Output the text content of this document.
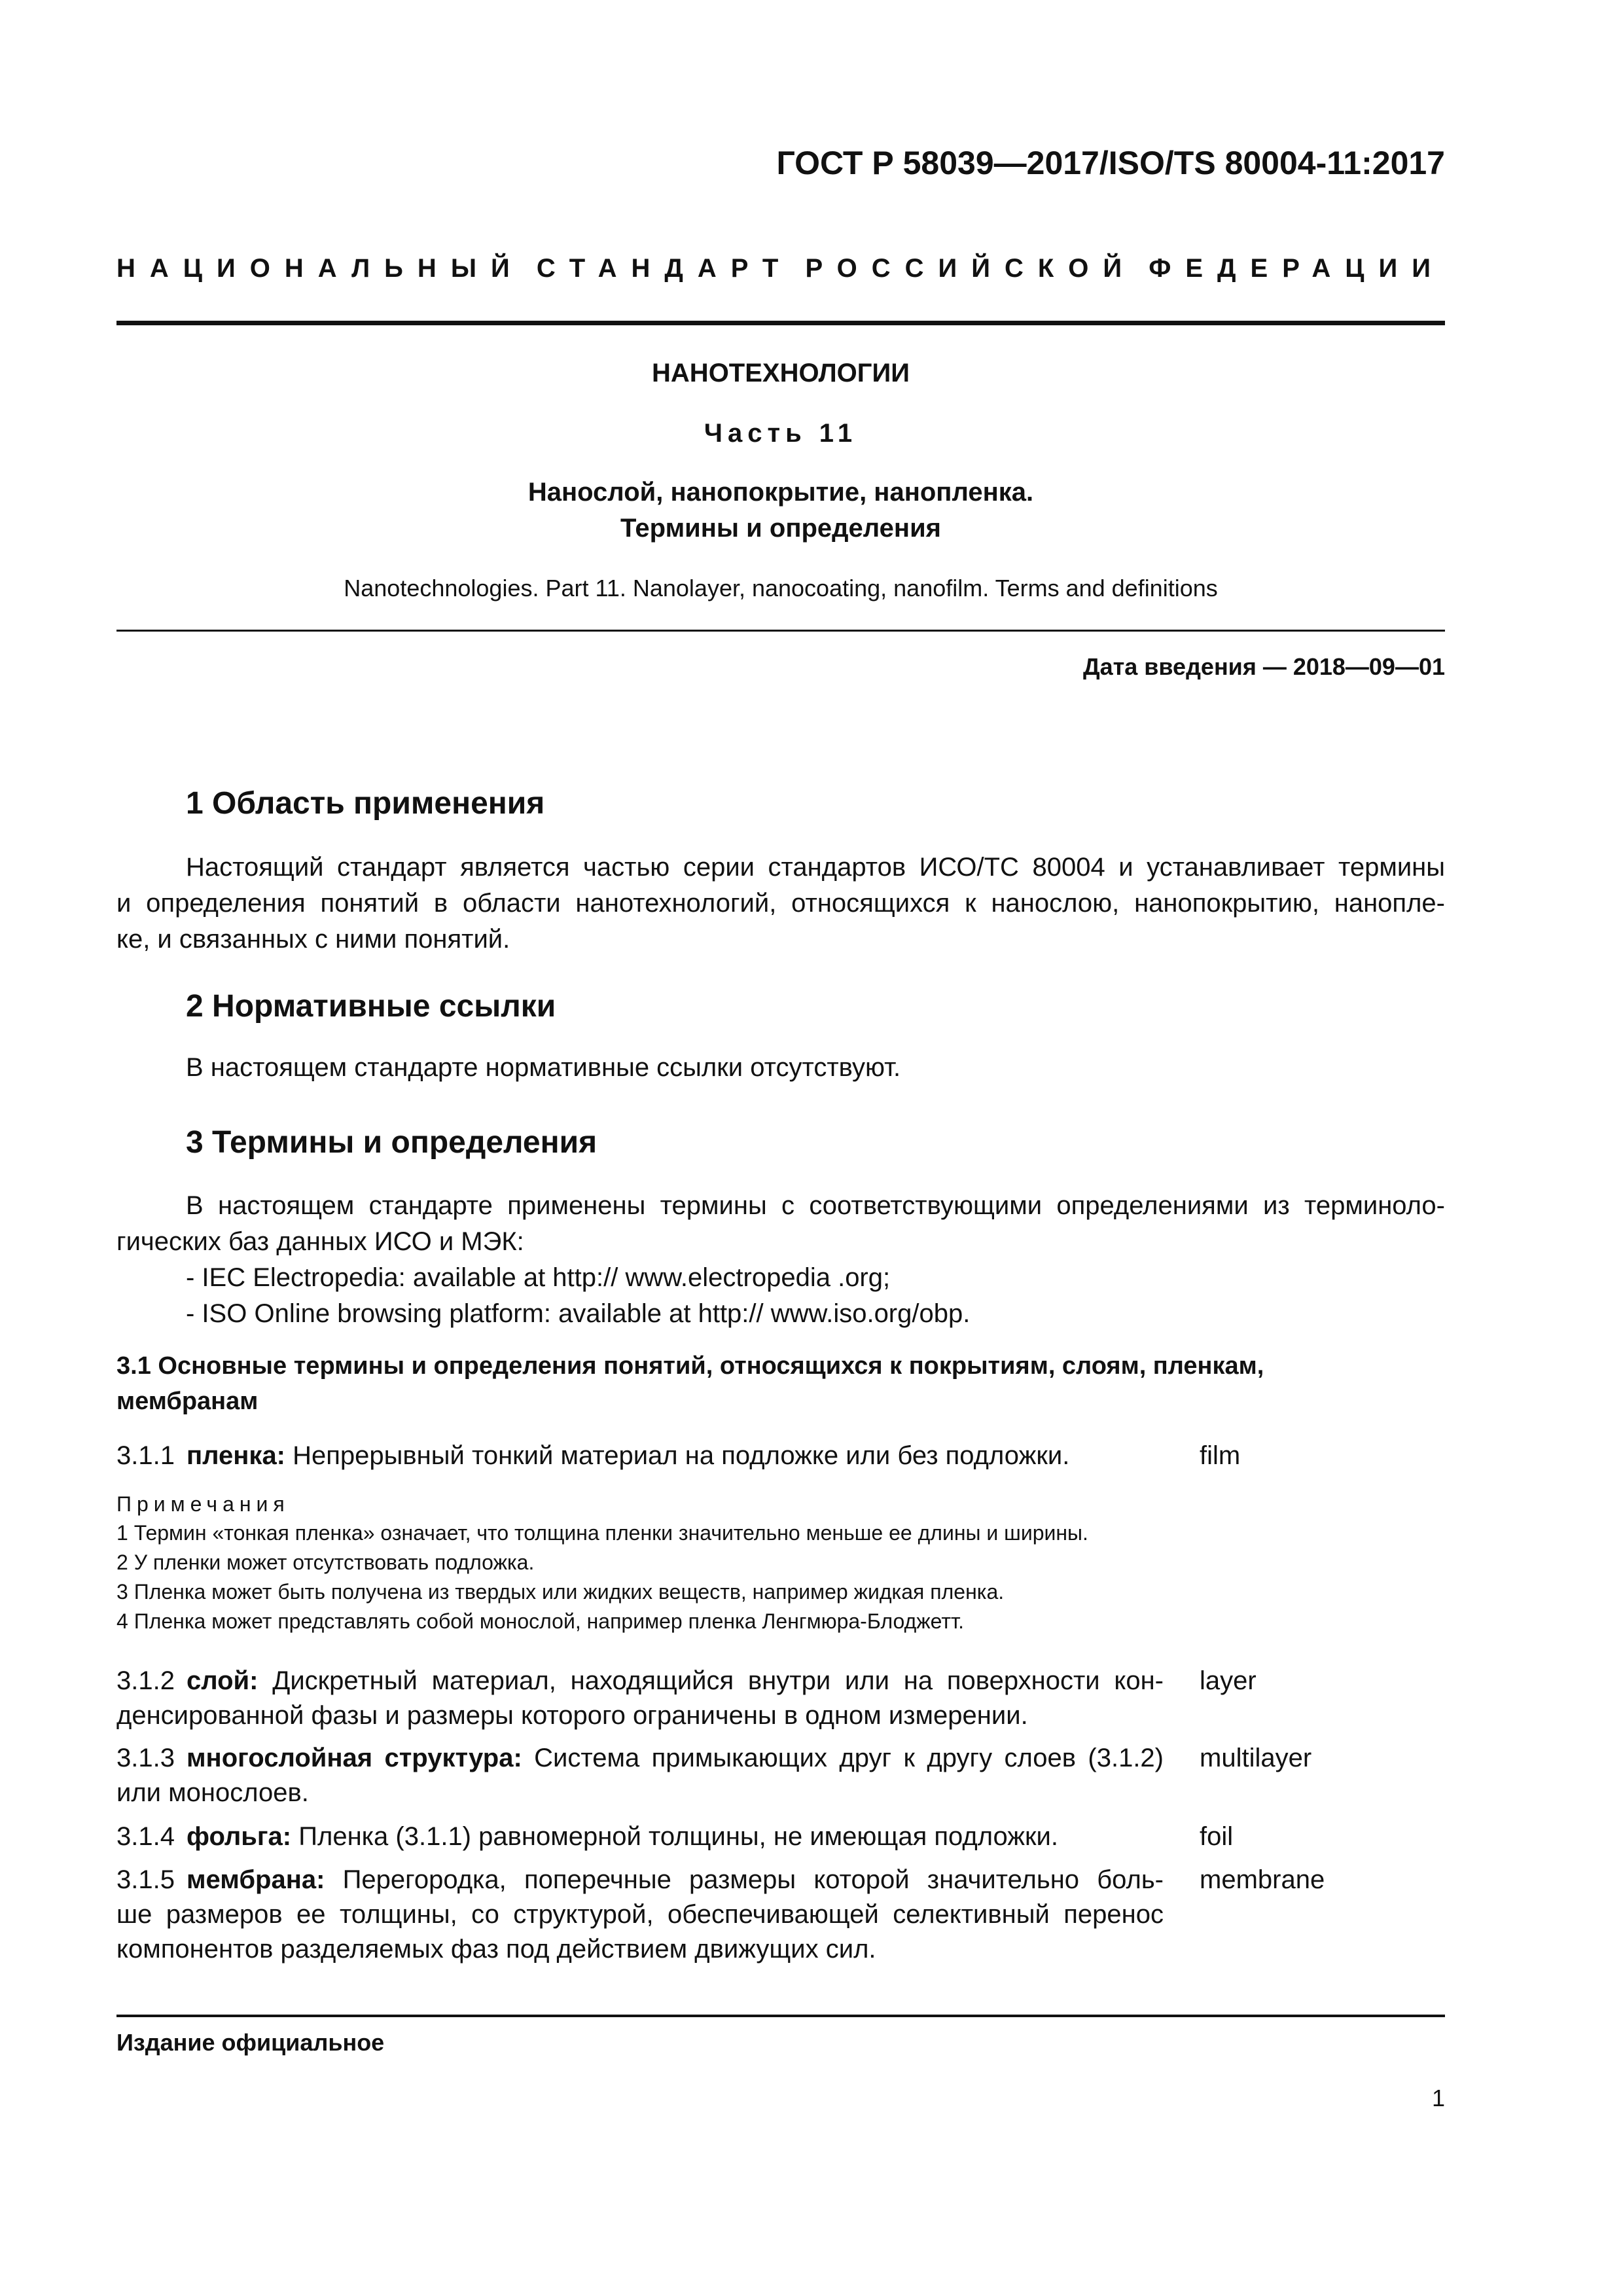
ГОСТ Р 58039—2017/ISO/TS 80004-11:2017
НАЦИОНАЛЬНЫЙ СТАНДАРТ РОССИЙСКОЙ ФЕДЕРАЦИИ
НАНОТЕХНОЛОГИИ
Часть 11
Нанослой, нанопокрытие, нанопленка.
Термины и определения
Nanotechnologies. Part 11. Nanolayer, nanocoating, nanofilm. Terms and definitions
Дата введения — 2018—09—01
1 Область применения
Настоящий стандарт является частью серии стандартов ИСО/ТС 80004 и устанавливает термины
и определения понятий в области нанотехнологий, относящихся к нанослою, нанопокрытию, нанопле-
ке, и связанных с ними понятий.
2 Нормативные ссылки
В настоящем стандарте нормативные ссылки отсутствуют.
3 Термины и определения
В настоящем стандарте применены термины с соответствующими определениями из терминоло-
гических баз данных ИСО и МЭК:
- IEC Electropedia: available at http:// www.electropedia .org;
- ISO Online browsing platform: available at http:// www.iso.org/obp.
3.1 Основные термины и определения понятий, относящихся к покрытиям, слоям, пленкам,
мембранам
3.1.1 пленка: Непрерывный тонкий материал на подложке или без подложки.	film
Примечания
1 Термин «тонкая пленка» означает, что толщина пленки значительно меньше ее длины и ширины.
2 У пленки может отсутствовать подложка.
3 Пленка может быть получена из твердых или жидких веществ, например жидкая пленка.
4 Пленка может представлять собой монослой, например пленка Ленгмюра-Блоджетт.
3.1.2 слой: Дискретный материал, находящийся внутри или на поверхности кон-
денсированной фазы и размеры которого ограничены в одном измерении.
layer
3.1.3 многослойная структура: Система примыкающих друг к другу слоев (3.1.2)
или монослоев.
multilayer
3.1.4 фольга: Пленка (3.1.1) равномерной толщины, не имеющая подложки.	foil
3.1.5 мембрана: Перегородка, поперечные размеры которой значительно боль-
ше размеров ее толщины, со структурой, обеспечивающей селективный перенос
компонентов разделяемых фаз под действием движущих сил.
membrane
Издание официальное
1
